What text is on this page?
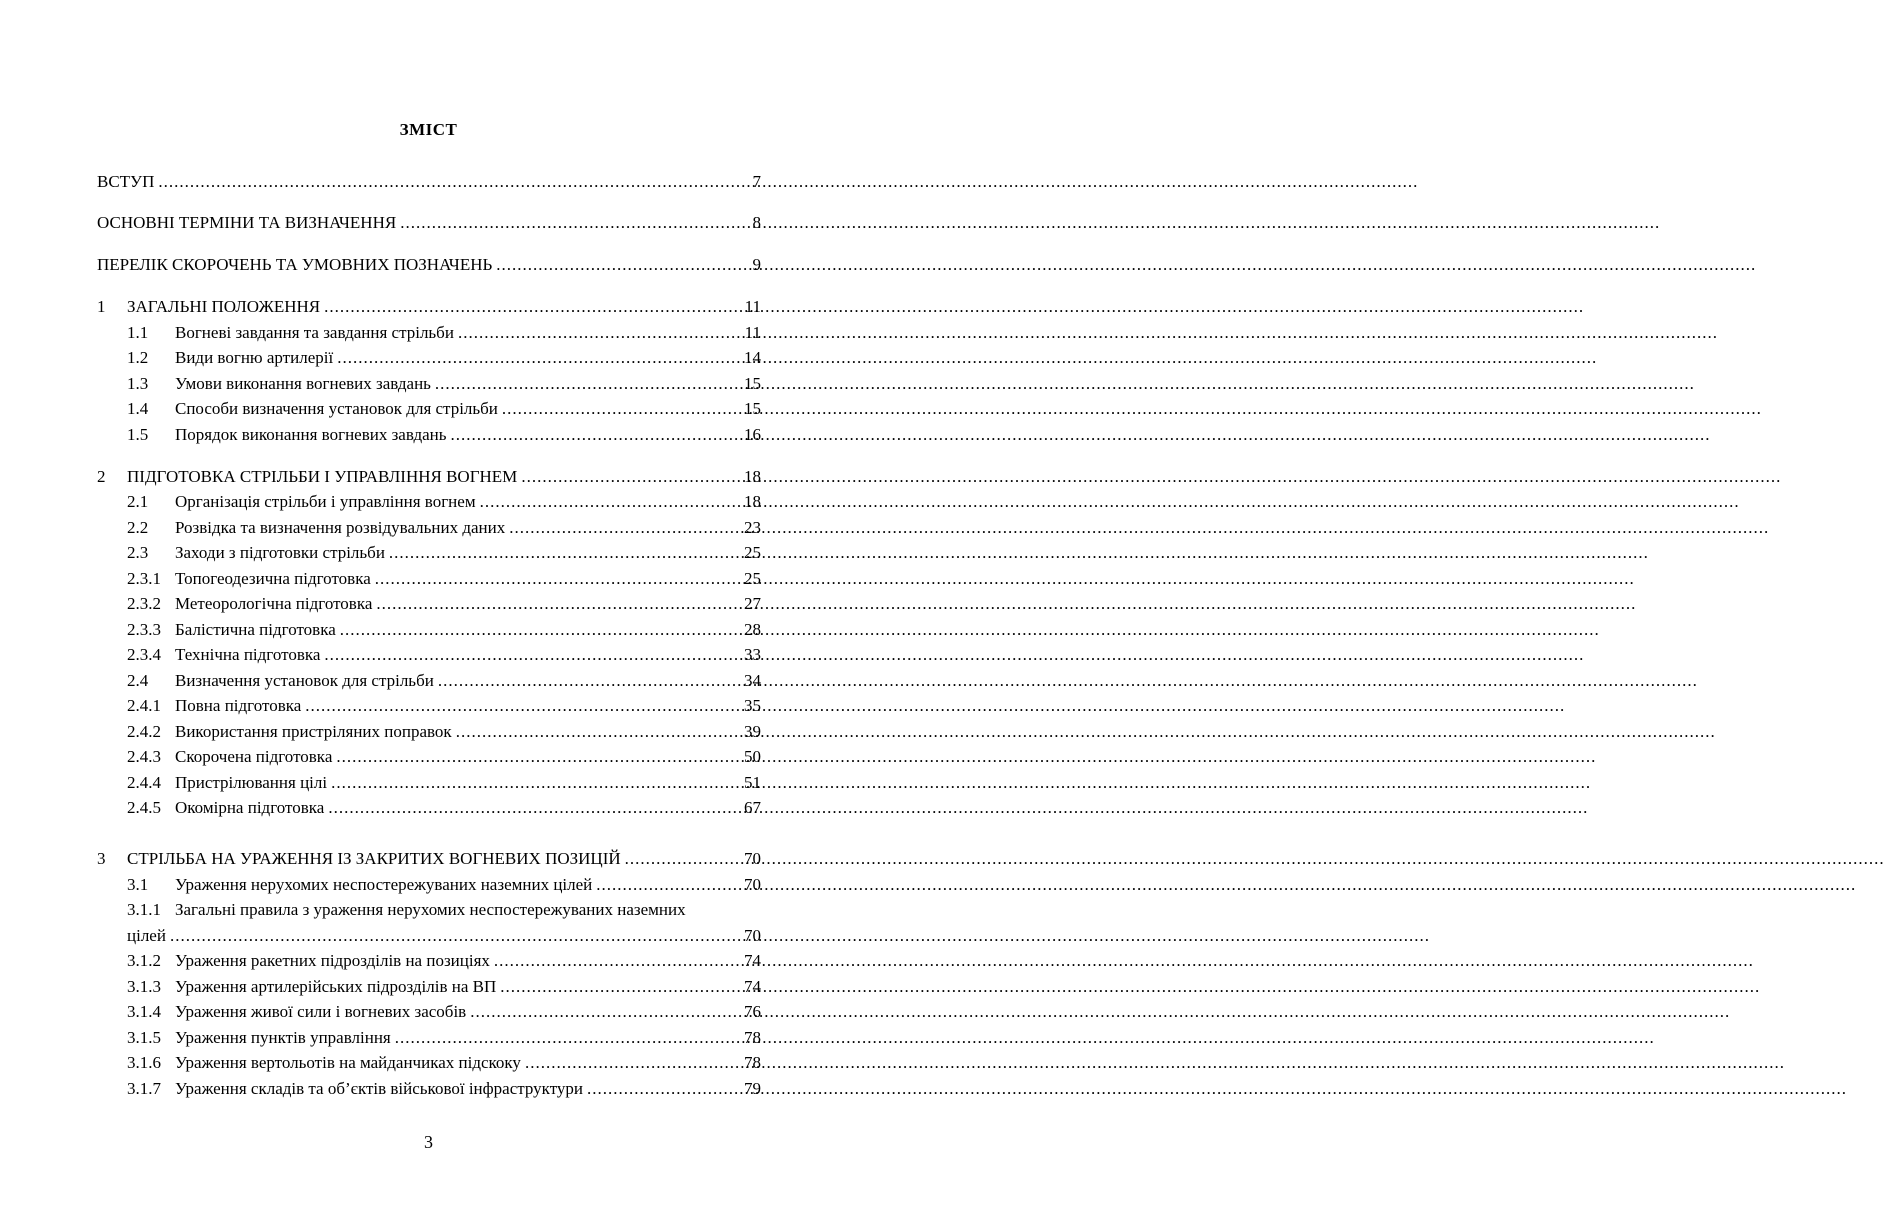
ЗМІСТ
ВСТУП .....	7
ОСНОВНІ ТЕРМІНИ ТА ВИЗНАЧЕННЯ .....	8
ПЕРЕЛІК СКОРОЧЕНЬ ТА УМОВНИХ ПОЗНАЧЕНЬ .....	9
1	ЗАГАЛЬНІ ПОЛОЖЕННЯ .....	11
1.1	Вогневі завдання та завдання стрільби .....	11
1.2	Види вогню артилерії .....	14
1.3	Умови виконання вогневих завдань .....	15
1.4	Способи визначення установок для стрільби .....	15
1.5	Порядок виконання вогневих завдань .....	16
2	ПІДГОТОВКА СТРІЛЬБИ І УПРАВЛІННЯ ВОГНЕМ .....	18
2.1	Організація стрільби і управління вогнем .....	18
2.2	Розвідка та визначення розвідувальних даних .....	23
2.3	Заходи з підготовки стрільби .....	25
2.3.1 Топогеодезична підготовка .....	25
2.3.2 Метеорологічна підготовка .....	27
2.3.3 Балістична підготовка .....	28
2.3.4 Технічна підготовка .....	33
2.4	Визначення установок для стрільби .....	34
2.4.1 Повна підготовка .....	35
2.4.2 Використання пристріляних поправок .....	39
2.4.3 Скорочена підготовка .....	50
2.4.4 Пристрілювання цілі .....	51
2.4.5 Окомірна підготовка .....	67
3	СТРІЛЬБА НА УРАЖЕННЯ ІЗ ЗАКРИТИХ ВОГНЕВИХ ПОЗИЦІЙ .....	70
3.1	Ураження нерухомих неспостережуваних наземних цілей .....	70
3.1.1 Загальні правила з ураження нерухомих неспостережуваних наземних
цілей .....	70
3.1.2 Ураження ракетних підрозділів на позиціях .....	74
3.1.3 Ураження артилерійських підрозділів на ВП .....	74
3.1.4 Ураження живої сили і вогневих засобів .....	76
3.1.5 Ураження пунктів управління .....	78
3.1.6 Ураження вертольотів на майданчиках підскоку .....	78
3.1.7 Ураження складів та об’єктів військової інфраструктури .....	79
3
